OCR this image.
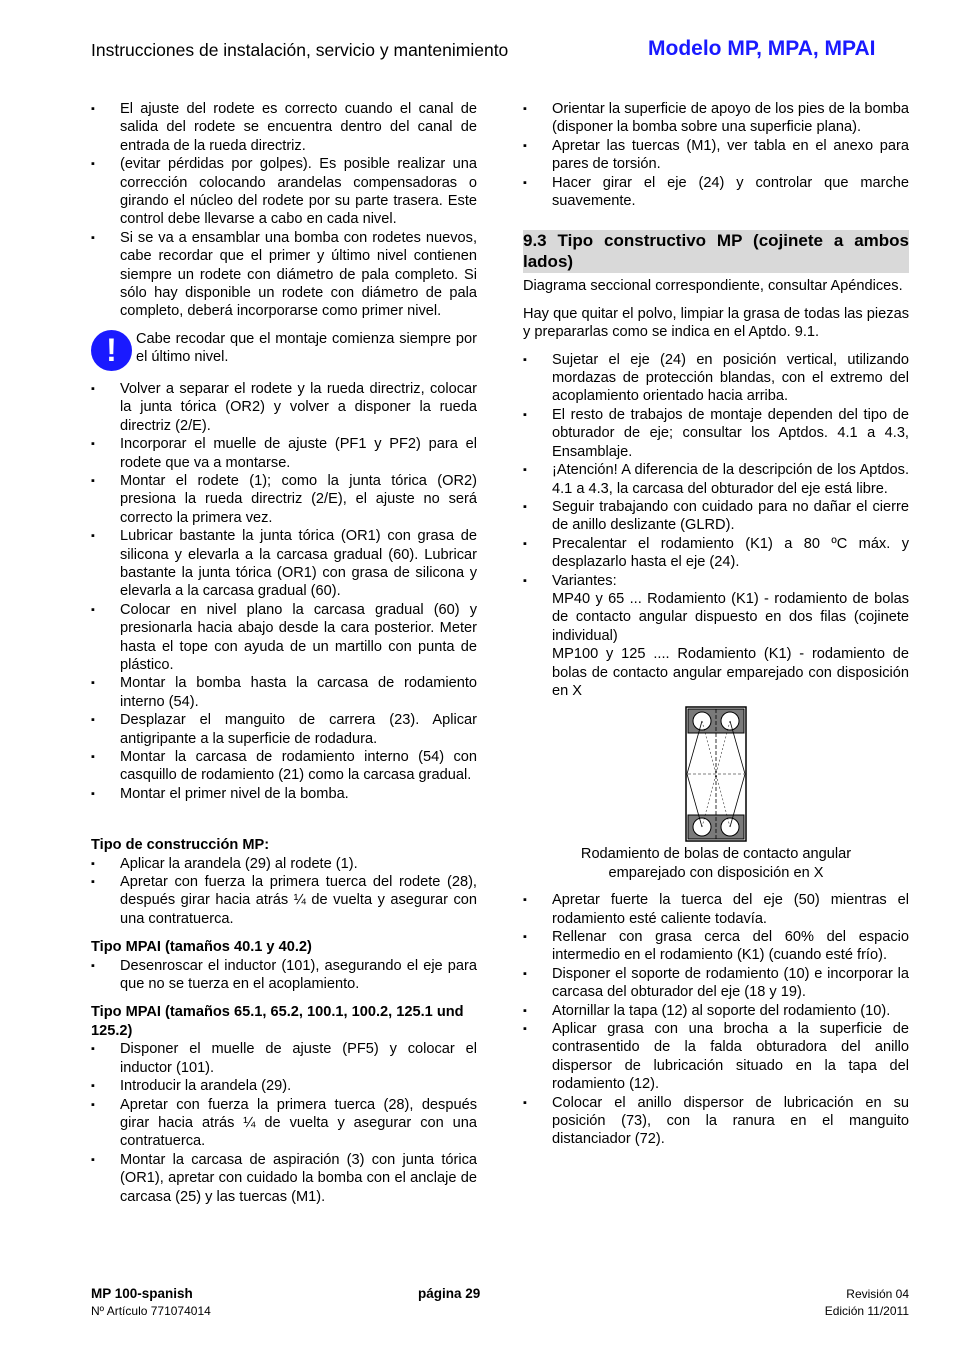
Instrucciones de instalación, servicio y mantenimiento	Modelo MP, MPA, MPAI
▪ El ajuste del rodete es correcto cuando el canal de salida del rodete se encuentra dentro del canal de entrada de la rueda directriz.
▪ (evitar pérdidas por golpes). Es posible realizar una corrección colocando arandelas compensadoras o girando el núcleo del rodete por su parte trasera. Este control debe llevarse a cabo en cada nivel.
▪ Si se va a ensamblar una bomba con rodetes nuevos, cabe recordar que el primer y último nivel contienen siempre un rodete con diámetro de pala completo. Si sólo hay disponible un rodete con diámetro de pala completo, deberá incorporarse como primer nivel.
!	Cabe recodar que el montaje comienza siempre por el último nivel.
▪ Volver a separar el rodete y la rueda directriz, colocar la junta tórica (OR2) y volver a disponer la rueda directriz (2/E).
▪ Incorporar el muelle de ajuste (PF1 y PF2) para el rodete que va a montarse.
▪ Montar el rodete (1); como la junta tórica (OR2) presiona la rueda directriz (2/E), el ajuste no será correcto la primera vez.
▪ Lubricar bastante la junta tórica (OR1) con grasa de silicona y elevarla a la carcasa gradual (60). Lubricar bastante la junta tórica (OR1) con grasa de silicona y elevarla a la carcasa gradual (60).
▪ Colocar en nivel plano la carcasa gradual (60) y presionarla hacia abajo desde la cara posterior. Meter hasta el tope con ayuda de un martillo con punta de plástico.
▪ Montar la bomba hasta la carcasa de rodamiento interno (54).
▪ Desplazar el manguito de carrera (23). Aplicar antigripante a la superficie de rodadura.
▪ Montar la carcasa de rodamiento interno (54) con casquillo de rodamiento (21) como la carcasa gradual.
▪ Montar el primer nivel de la bomba.
Tipo de construcción MP:
▪ Aplicar la arandela (29) al rodete (1).
▪ Apretar con fuerza la primera tuerca del rodete (28), después girar hacia atrás ¼ de vuelta y asegurar con una contratuerca.
Tipo MPAI (tamaños 40.1 y 40.2)
▪ Desenroscar el inductor (101), asegurando el eje para que no se tuerza en el acoplamiento.
Tipo MPAI (tamaños 65.1, 65.2, 100.1, 100.2, 125.1 und 125.2)
▪ Disponer el muelle de ajuste (PF5) y colocar el inductor (101).
▪ Introducir la arandela (29).
▪ Apretar con fuerza la primera tuerca (28), después girar hacia atrás ¼ de vuelta y asegurar con una contratuerca.
▪ Montar la carcasa de aspiración (3) con junta tórica (OR1), apretar con cuidado la bomba con el anclaje de carcasa (25) y las tuercas (M1).
▪ Orientar la superficie de apoyo de los pies de la bomba (disponer la bomba sobre una superficie plana).
▪ Apretar las tuercas (M1), ver tabla en el anexo para pares de torsión.
▪ Hacer girar el eje (24) y controlar que marche suavemente.
9.3 Tipo constructivo MP (cojinete a ambos lados)

Diagrama seccional correspondiente, consultar Apéndices.

Hay que quitar el polvo, limpiar la grasa de todas las piezas y prepararlas como se indica en el Aptdo. 9.1.

▪ Sujetar el eje (24) en posición vertical, utilizando mordazas de protección blandas, con el extremo del acoplamiento orientado hacia arriba.
▪ El resto de trabajos de montaje dependen del tipo de obturador de eje; consultar los Aptdos. 4.1 a 4.3, Ensamblaje.
▪ ¡Atención! A diferencia de la descripción de los Aptdos. 4.1 a 4.3, la carcasa del obturador del eje está libre.
▪ Seguir trabajando con cuidado para no dañar el cierre de anillo deslizante (GLRD).
▪ Precalentar el rodamiento (K1) a 80 ºC máx. y desplazarlo hasta el eje (24).
▪ Variantes:
MP40 y 65 ... Rodamiento (K1) - rodamiento de bolas de contacto angular dispuesto en dos filas (cojinete individual)
MP100 y 125 .... Rodamiento (K1) - rodamiento de bolas de contacto angular emparejado con disposición en X
Rodamiento de bolas de contacto angular
emparejado con disposición en X
▪ Apretar fuerte la tuerca del eje (50) mientras el rodamiento esté caliente todavía.
▪ Rellenar con grasa cerca del 60% del espacio intermedio en el rodamiento (K1) (cuando esté frío).
▪ Disponer el soporte de rodamiento (10) e incorporar la carcasa del obturador del eje (18 y 19).
▪ Atornillar la tapa (12) al soporte del rodamiento (10).
▪ Aplicar grasa con una brocha a la superficie de contrasentido de la falda obturadora del anillo dispersor de lubricación situado en la tapa del rodamiento (12).
▪ Colocar el anillo dispersor de lubricación en su posición (73), con la ranura en el manguito distanciador (72).
MP 100-spanish
Nº Artículo 771074014
página 29	Revisión 04
Edición 11/2011
